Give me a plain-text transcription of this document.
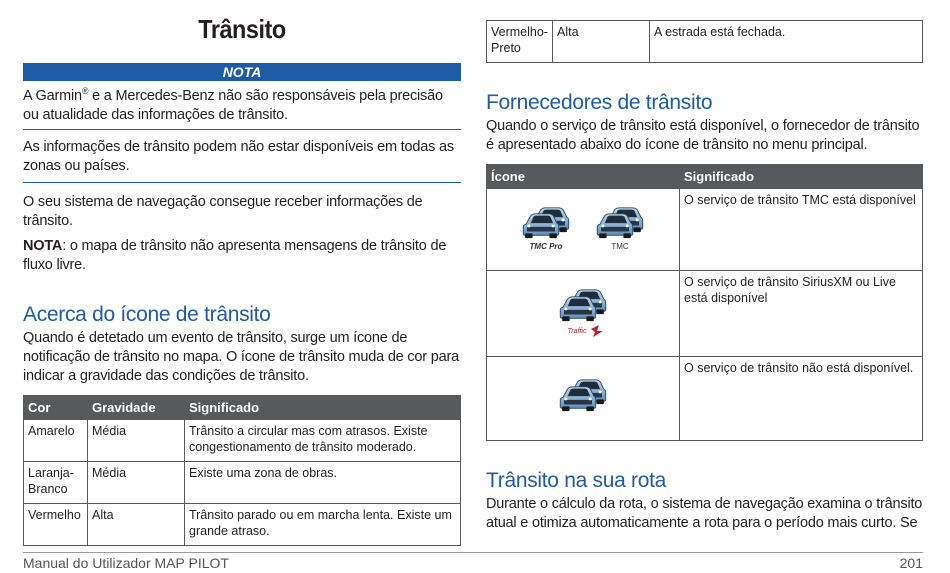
Trânsito
NOTA

A Garmin® e a Mercedes-Benz não são responsáveis pela precisão ou atualidade das informações de trânsito.

As informações de trânsito podem não estar disponíveis em todas as zonas ou países.

O seu sistema de navegação consegue receber informações de trânsito.

NOTA: o mapa de trânsito não apresenta mensagens de trânsito de fluxo livre.

Acerca do ícone de trânsito

Quando é detetado um evento de trânsito, surge um ícone de notificação de trânsito no mapa. O ícone de trânsito muda de cor para indicar a gravidade das condições de trânsito.

Cor	Gravidade	Significado
Amarelo	Média	Trânsito a circular mas com atrasos. Existe congestionamento de trânsito moderado.
Laranja-Branco	Média	Existe uma zona de obras.
Vermelho	Alta	Trânsito parado ou em marcha lenta. Existe um grande atraso.
Vermelho-Preto	Alta	A estrada está fechada.
Fornecedores de trânsito

Quando o serviço de trânsito está disponível, o fornecedor de trânsito é apresentado abaixo do ícone de trânsito no menu principal.

Ícone	Significado

TMC Pro
TMC	O serviço de trânsito TMC está disponível

Traffic	O serviço de trânsito SiriusXM ou Live está disponível
	O serviço de trânsito não está disponível.
Trânsito na sua rota

Durante o cálculo da rota, o sistema de navegação examina o trânsito atual e otimiza automaticamente a rota para o período mais curto. Se

Manual do Utilizador MAP PILOT	201
